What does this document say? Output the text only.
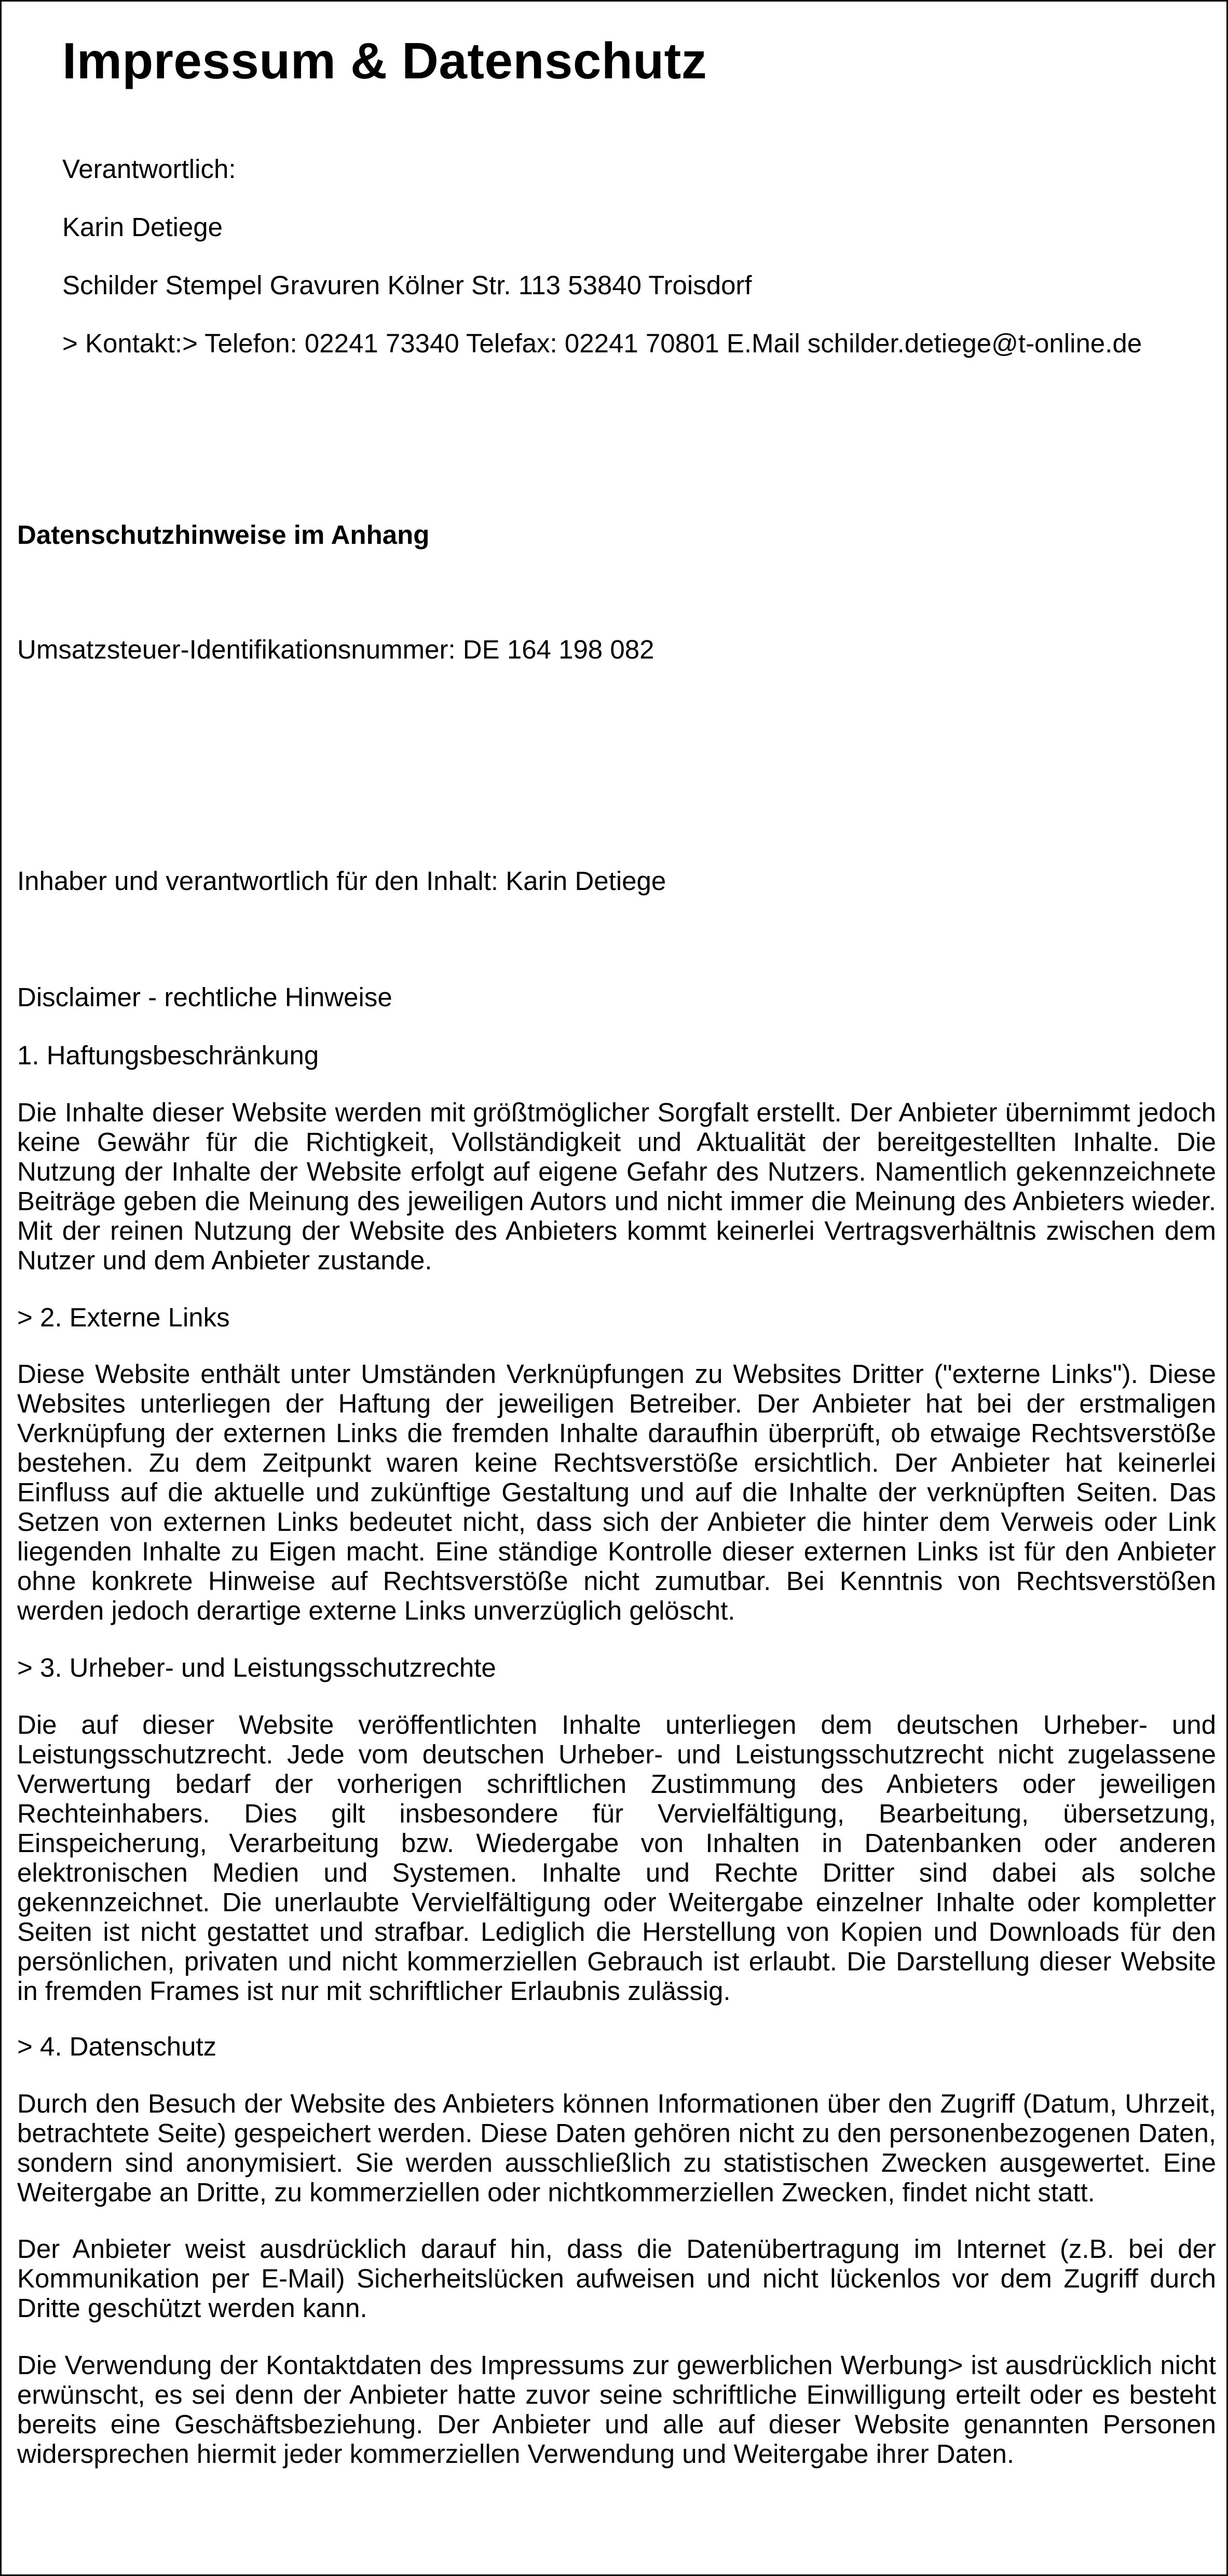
Impressum & Datenschutz

Verantwortlich:

Karin Detiege

Schilder Stempel Gravuren Kölner Str. 113 53840 Troisdorf

> Kontakt:> Telefon: 02241 73340 Telefax: 02241 70801 E.Mail schilder.detiege@t-online.de

Datenschutzhinweise im Anhang

Umsatzsteuer-Identifikationsnummer: DE 164 198 082

Inhaber und verantwortlich für den Inhalt: Karin Detiege

Disclaimer - rechtliche Hinweise

1. Haftungsbeschränkung

Die Inhalte dieser Website werden mit größtmöglicher Sorgfalt erstellt. Der Anbieter übernimmt jedoch keine Gewähr für die Richtigkeit, Vollständigkeit und Aktualität der bereitgestellten Inhalte. Die Nutzung der Inhalte der Website erfolgt auf eigene Gefahr des Nutzers. Namentlich gekennzeichnete Beiträge geben die Meinung des jeweiligen Autors und nicht immer die Meinung des Anbieters wieder. Mit der reinen Nutzung der Website des Anbieters kommt keinerlei Vertragsverhältnis zwischen dem Nutzer und dem Anbieter zustande.

> 2. Externe Links

Diese Website enthält unter Umständen Verknüpfungen zu Websites Dritter ("externe Links"). Diese Websites unterliegen der Haftung der jeweiligen Betreiber. Der Anbieter hat bei der erstmaligen Verknüpfung der externen Links die fremden Inhalte daraufhin überprüft, ob etwaige Rechtsverstöße bestehen. Zu dem Zeitpunkt waren keine Rechtsverstöße ersichtlich. Der Anbieter hat keinerlei Einfluss auf die aktuelle und zukünftige Gestaltung und auf die Inhalte der verknüpften Seiten. Das Setzen von externen Links bedeutet nicht, dass sich der Anbieter die hinter dem Verweis oder Link liegenden Inhalte zu Eigen macht. Eine ständige Kontrolle dieser externen Links ist für den Anbieter ohne konkrete Hinweise auf Rechtsverstöße nicht zumutbar. Bei Kenntnis von Rechtsverstößen werden jedoch derartige externe Links unverzüglich gelöscht.

> 3. Urheber- und Leistungsschutzrechte

Die auf dieser Website veröffentlichten Inhalte unterliegen dem deutschen Urheber- und Leistungsschutzrecht. Jede vom deutschen Urheber- und Leistungsschutzrecht nicht zugelassene Verwertung bedarf der vorherigen schriftlichen Zustimmung des Anbieters oder jeweiligen Rechteinhabers. Dies gilt insbesondere für Vervielfältigung, Bearbeitung, übersetzung, Einspeicherung, Verarbeitung bzw. Wiedergabe von Inhalten in Datenbanken oder anderen elektronischen Medien und Systemen. Inhalte und Rechte Dritter sind dabei als solche gekennzeichnet. Die unerlaubte Vervielfältigung oder Weitergabe einzelner Inhalte oder kompletter Seiten ist nicht gestattet und strafbar. Lediglich die Herstellung von Kopien und Downloads für den persönlichen, privaten und nicht kommerziellen Gebrauch ist erlaubt. Die Darstellung dieser Website in fremden Frames ist nur mit schriftlicher Erlaubnis zulässig.

> 4. Datenschutz

Durch den Besuch der Website des Anbieters können Informationen über den Zugriff (Datum, Uhrzeit, betrachtete Seite) gespeichert werden. Diese Daten gehören nicht zu den personenbezogenen Daten, sondern sind anonymisiert. Sie werden ausschließlich zu statistischen Zwecken ausgewertet. Eine Weitergabe an Dritte, zu kommerziellen oder nichtkommerziellen Zwecken, findet nicht statt.

Der Anbieter weist ausdrücklich darauf hin, dass die Datenübertragung im Internet (z.B. bei der Kommunikation per E-Mail) Sicherheitslücken aufweisen und nicht lückenlos vor dem Zugriff durch Dritte geschützt werden kann.

Die Verwendung der Kontaktdaten des Impressums zur gewerblichen Werbung> ist ausdrücklich nicht erwünscht, es sei denn der Anbieter hatte zuvor seine schriftliche Einwilligung erteilt oder es besteht bereits eine Geschäftsbeziehung. Der Anbieter und alle auf dieser Website genannten Personen widersprechen hiermit jeder kommerziellen Verwendung und Weitergabe ihrer Daten.
